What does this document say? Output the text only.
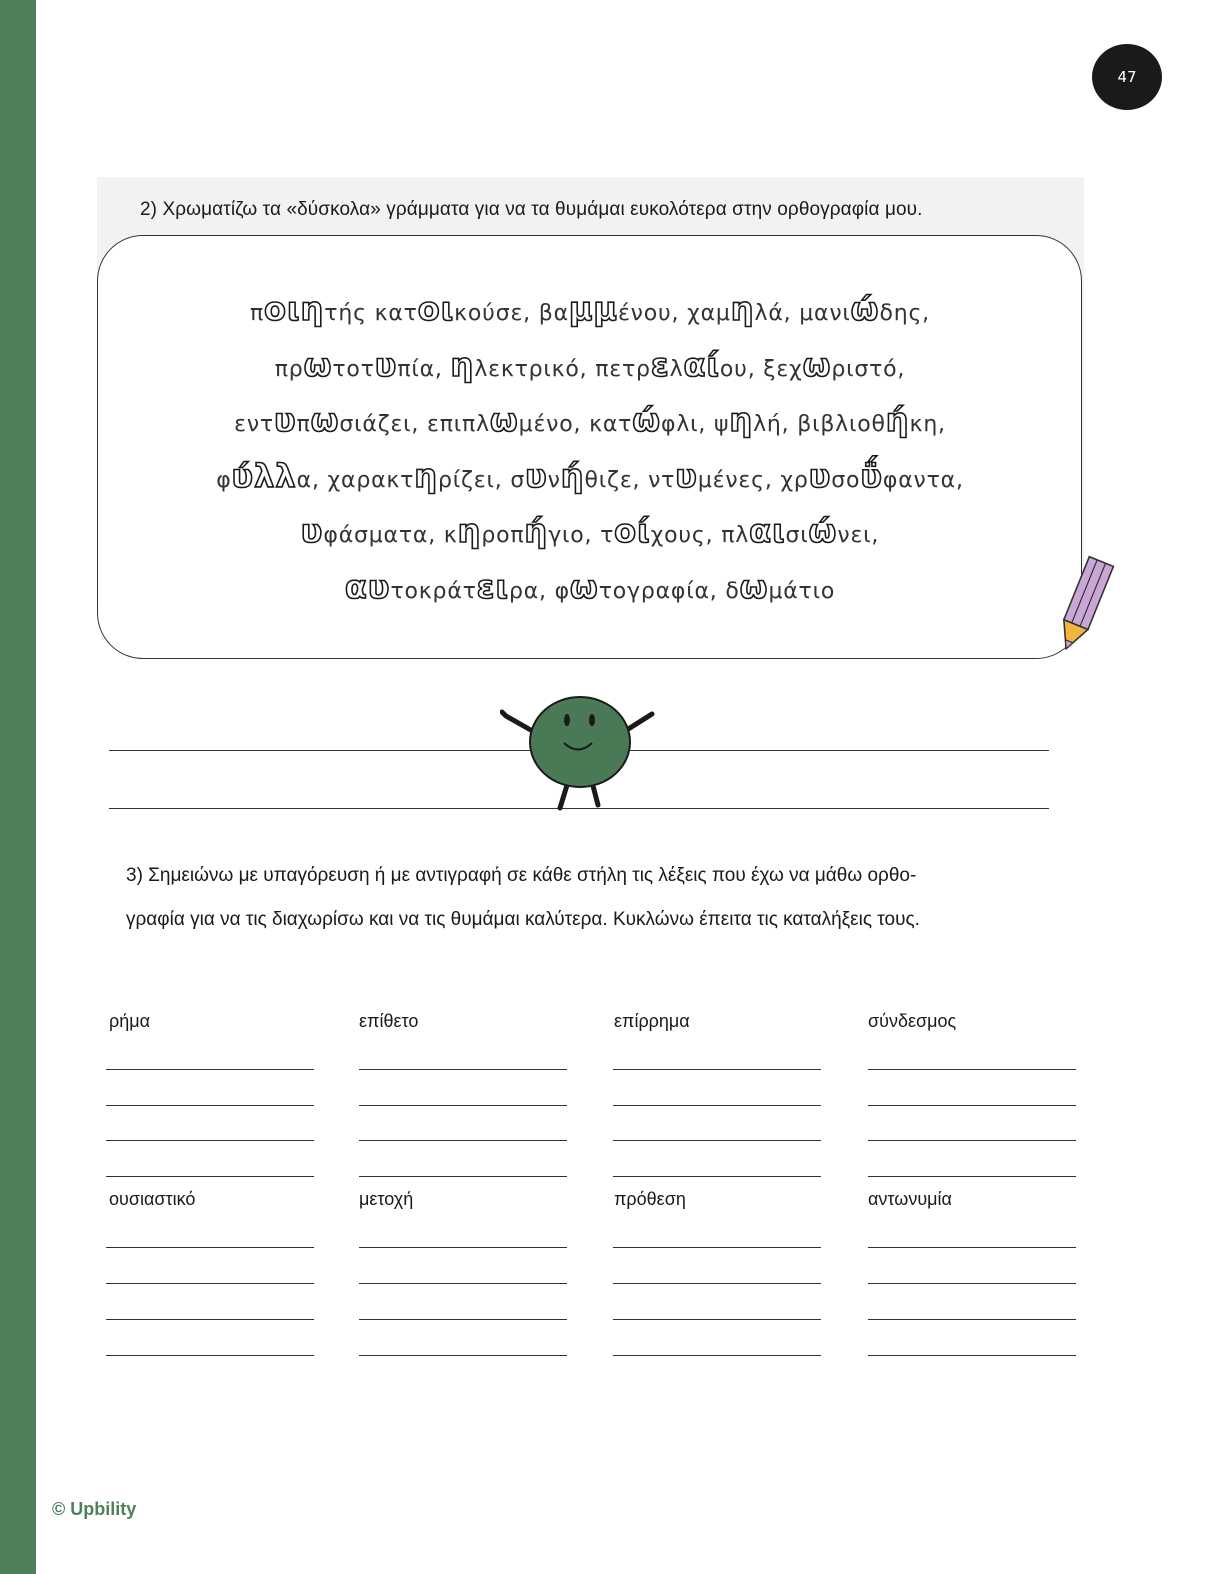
47
2) Χρωματίζω τα «δύσκολα» γράμματα για να τα θυμάμαι ευκολότερα στην ορθογραφία μου.
ποιητής κατοικούσε, βαμμένου, χαμηλά, μανιώδης,
πρωτοτυπία, ηλεκτρικό, πετρελαίου, ξεχωριστό,
εντυπωσιάζει, επιπλωμένο, κατώφλι, ψηλή, βιβλιοθήκη,
φύλλα, χαρακτηρίζει, συνήθιζε, ντυμένες, χρυσοΰφαντα,
υφάσματα, κηροπήγιο, τοίχους, πλαισιώνει,
αυτοκράτειρα, φωτογραφία, δωμάτιο
3) Σημειώνω με υπαγόρευση ή με αντιγραφή σε κάθε στήλη τις λέξεις που έχω να μάθω ορθο-
γραφία για να τις διαχωρίσω και να τις θυμάμαι καλύτερα. Κυκλώνω έπειτα τις καταλήξεις τους.
ρήμα	επίθετο	επίρρημα	σύνδεσμος
ουσιαστικό	μετοχή	πρόθεση	αντωνυμία
© Upbility
